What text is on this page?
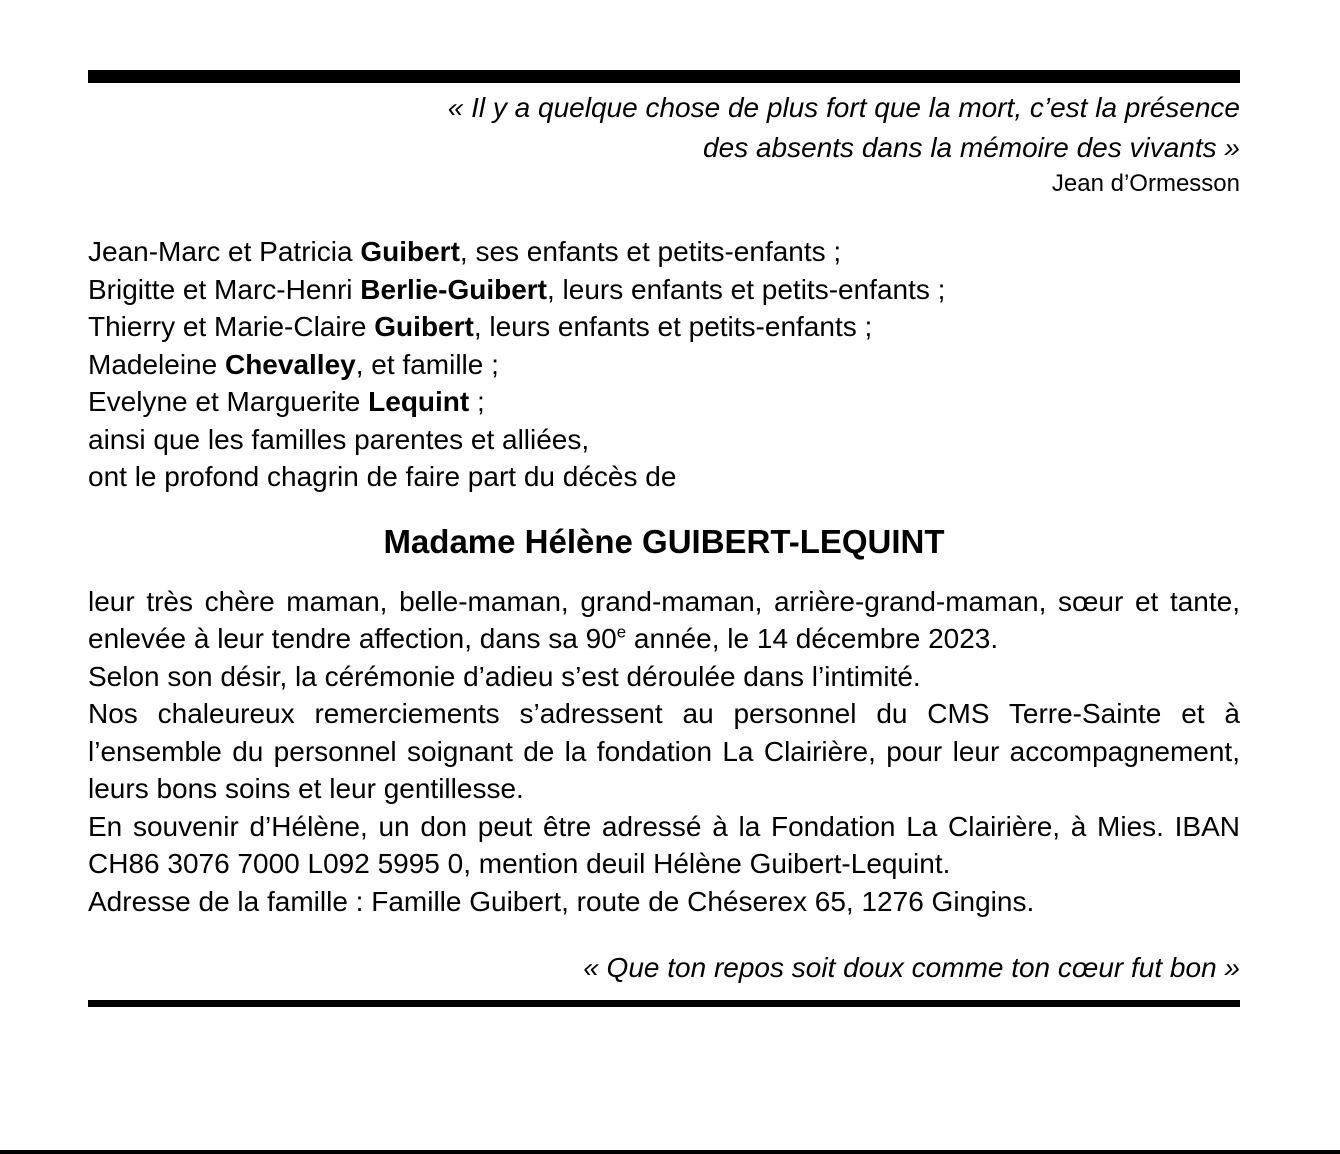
« Il y a quelque chose de plus fort que la mort, c’est la présence
des absents dans la mémoire des vivants »
Jean d’Ormesson
Jean-Marc et Patricia Guibert, ses enfants et petits-enfants ;
Brigitte et Marc-Henri Berlie-Guibert, leurs enfants et petits-enfants ;
Thierry et Marie-Claire Guibert, leurs enfants et petits-enfants ;
Madeleine Chevalley, et famille ;
Evelyne et Marguerite Lequint ;
ainsi que les familles parentes et alliées,
ont le profond chagrin de faire part du décès de
Madame Hélène GUIBERT-LEQUINT

leur très chère maman, belle-maman, grand-maman, arrière-grand-maman, sœur et tante, enlevée à leur tendre affection, dans sa 90e année, le 14 décembre 2023.

Selon son désir, la cérémonie d’adieu s’est déroulée dans l’intimité.

Nos chaleureux remerciements s’adressent au personnel du CMS Terre-Sainte et à l’ensemble du personnel soignant de la fondation La Clairière, pour leur accompagnement, leurs bons soins et leur gentillesse.

En souvenir d’Hélène, un don peut être adressé à la Fondation La Clairière, à Mies. IBAN CH86 3076 7000 L092 5995 0, mention deuil Hélène Guibert-Lequint.

Adresse de la famille : Famille Guibert, route de Chéserex 65, 1276 Gingins.

« Que ton repos soit doux comme ton cœur fut bon »
